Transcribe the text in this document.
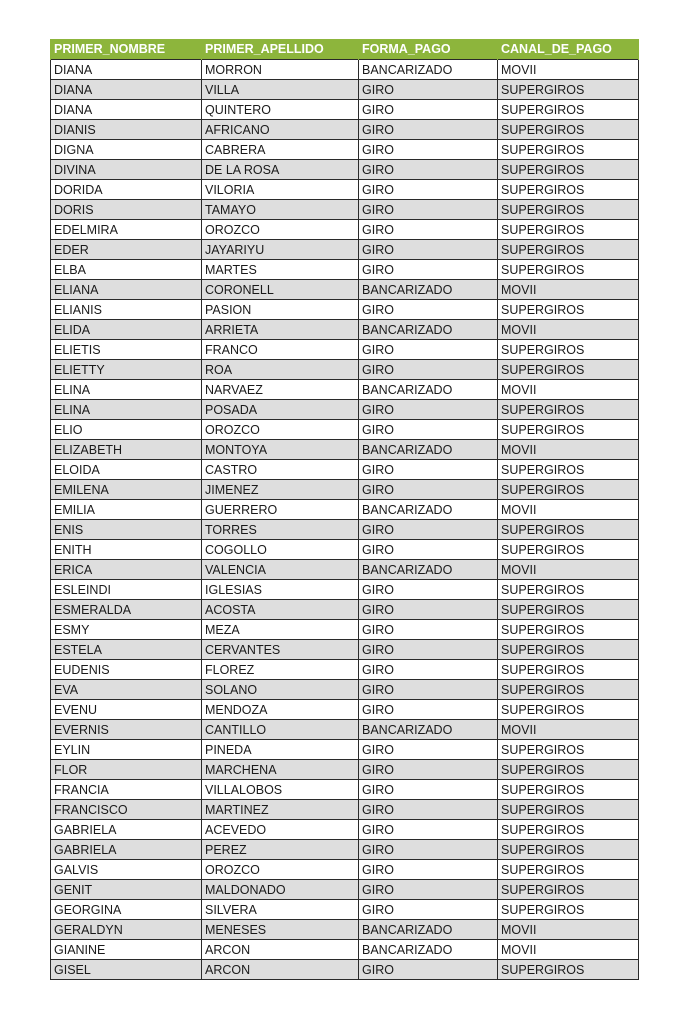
PRIMER_NOMBRE	PRIMER_APELLIDO	FORMA_PAGO	CANAL_DE_PAGO
DIANA	MORRON	BANCARIZADO	MOVII
DIANA	VILLA	GIRO	SUPERGIROS
DIANA	QUINTERO	GIRO	SUPERGIROS
DIANIS	AFRICANO	GIRO	SUPERGIROS
DIGNA	CABRERA	GIRO	SUPERGIROS
DIVINA	DE LA ROSA	GIRO	SUPERGIROS
DORIDA	VILORIA	GIRO	SUPERGIROS
DORIS	TAMAYO	GIRO	SUPERGIROS
EDELMIRA	OROZCO	GIRO	SUPERGIROS
EDER	JAYARIYU	GIRO	SUPERGIROS
ELBA	MARTES	GIRO	SUPERGIROS
ELIANA	CORONELL	BANCARIZADO	MOVII
ELIANIS	PASION	GIRO	SUPERGIROS
ELIDA	ARRIETA	BANCARIZADO	MOVII
ELIETIS	FRANCO	GIRO	SUPERGIROS
ELIETTY	ROA	GIRO	SUPERGIROS
ELINA	NARVAEZ	BANCARIZADO	MOVII
ELINA	POSADA	GIRO	SUPERGIROS
ELIO	OROZCO	GIRO	SUPERGIROS
ELIZABETH	MONTOYA	BANCARIZADO	MOVII
ELOIDA	CASTRO	GIRO	SUPERGIROS
EMILENA	JIMENEZ	GIRO	SUPERGIROS
EMILIA	GUERRERO	BANCARIZADO	MOVII
ENIS	TORRES	GIRO	SUPERGIROS
ENITH	COGOLLO	GIRO	SUPERGIROS
ERICA	VALENCIA	BANCARIZADO	MOVII
ESLEINDI	IGLESIAS	GIRO	SUPERGIROS
ESMERALDA	ACOSTA	GIRO	SUPERGIROS
ESMY	MEZA	GIRO	SUPERGIROS
ESTELA	CERVANTES	GIRO	SUPERGIROS
EUDENIS	FLOREZ	GIRO	SUPERGIROS
EVA	SOLANO	GIRO	SUPERGIROS
EVENU	MENDOZA	GIRO	SUPERGIROS
EVERNIS	CANTILLO	BANCARIZADO	MOVII
EYLIN	PINEDA	GIRO	SUPERGIROS
FLOR	MARCHENA	GIRO	SUPERGIROS
FRANCIA	VILLALOBOS	GIRO	SUPERGIROS
FRANCISCO	MARTINEZ	GIRO	SUPERGIROS
GABRIELA	ACEVEDO	GIRO	SUPERGIROS
GABRIELA	PEREZ	GIRO	SUPERGIROS
GALVIS	OROZCO	GIRO	SUPERGIROS
GENIT	MALDONADO	GIRO	SUPERGIROS
GEORGINA	SILVERA	GIRO	SUPERGIROS
GERALDYN	MENESES	BANCARIZADO	MOVII
GIANINE	ARCON	BANCARIZADO	MOVII
GISEL	ARCON	GIRO	SUPERGIROS
